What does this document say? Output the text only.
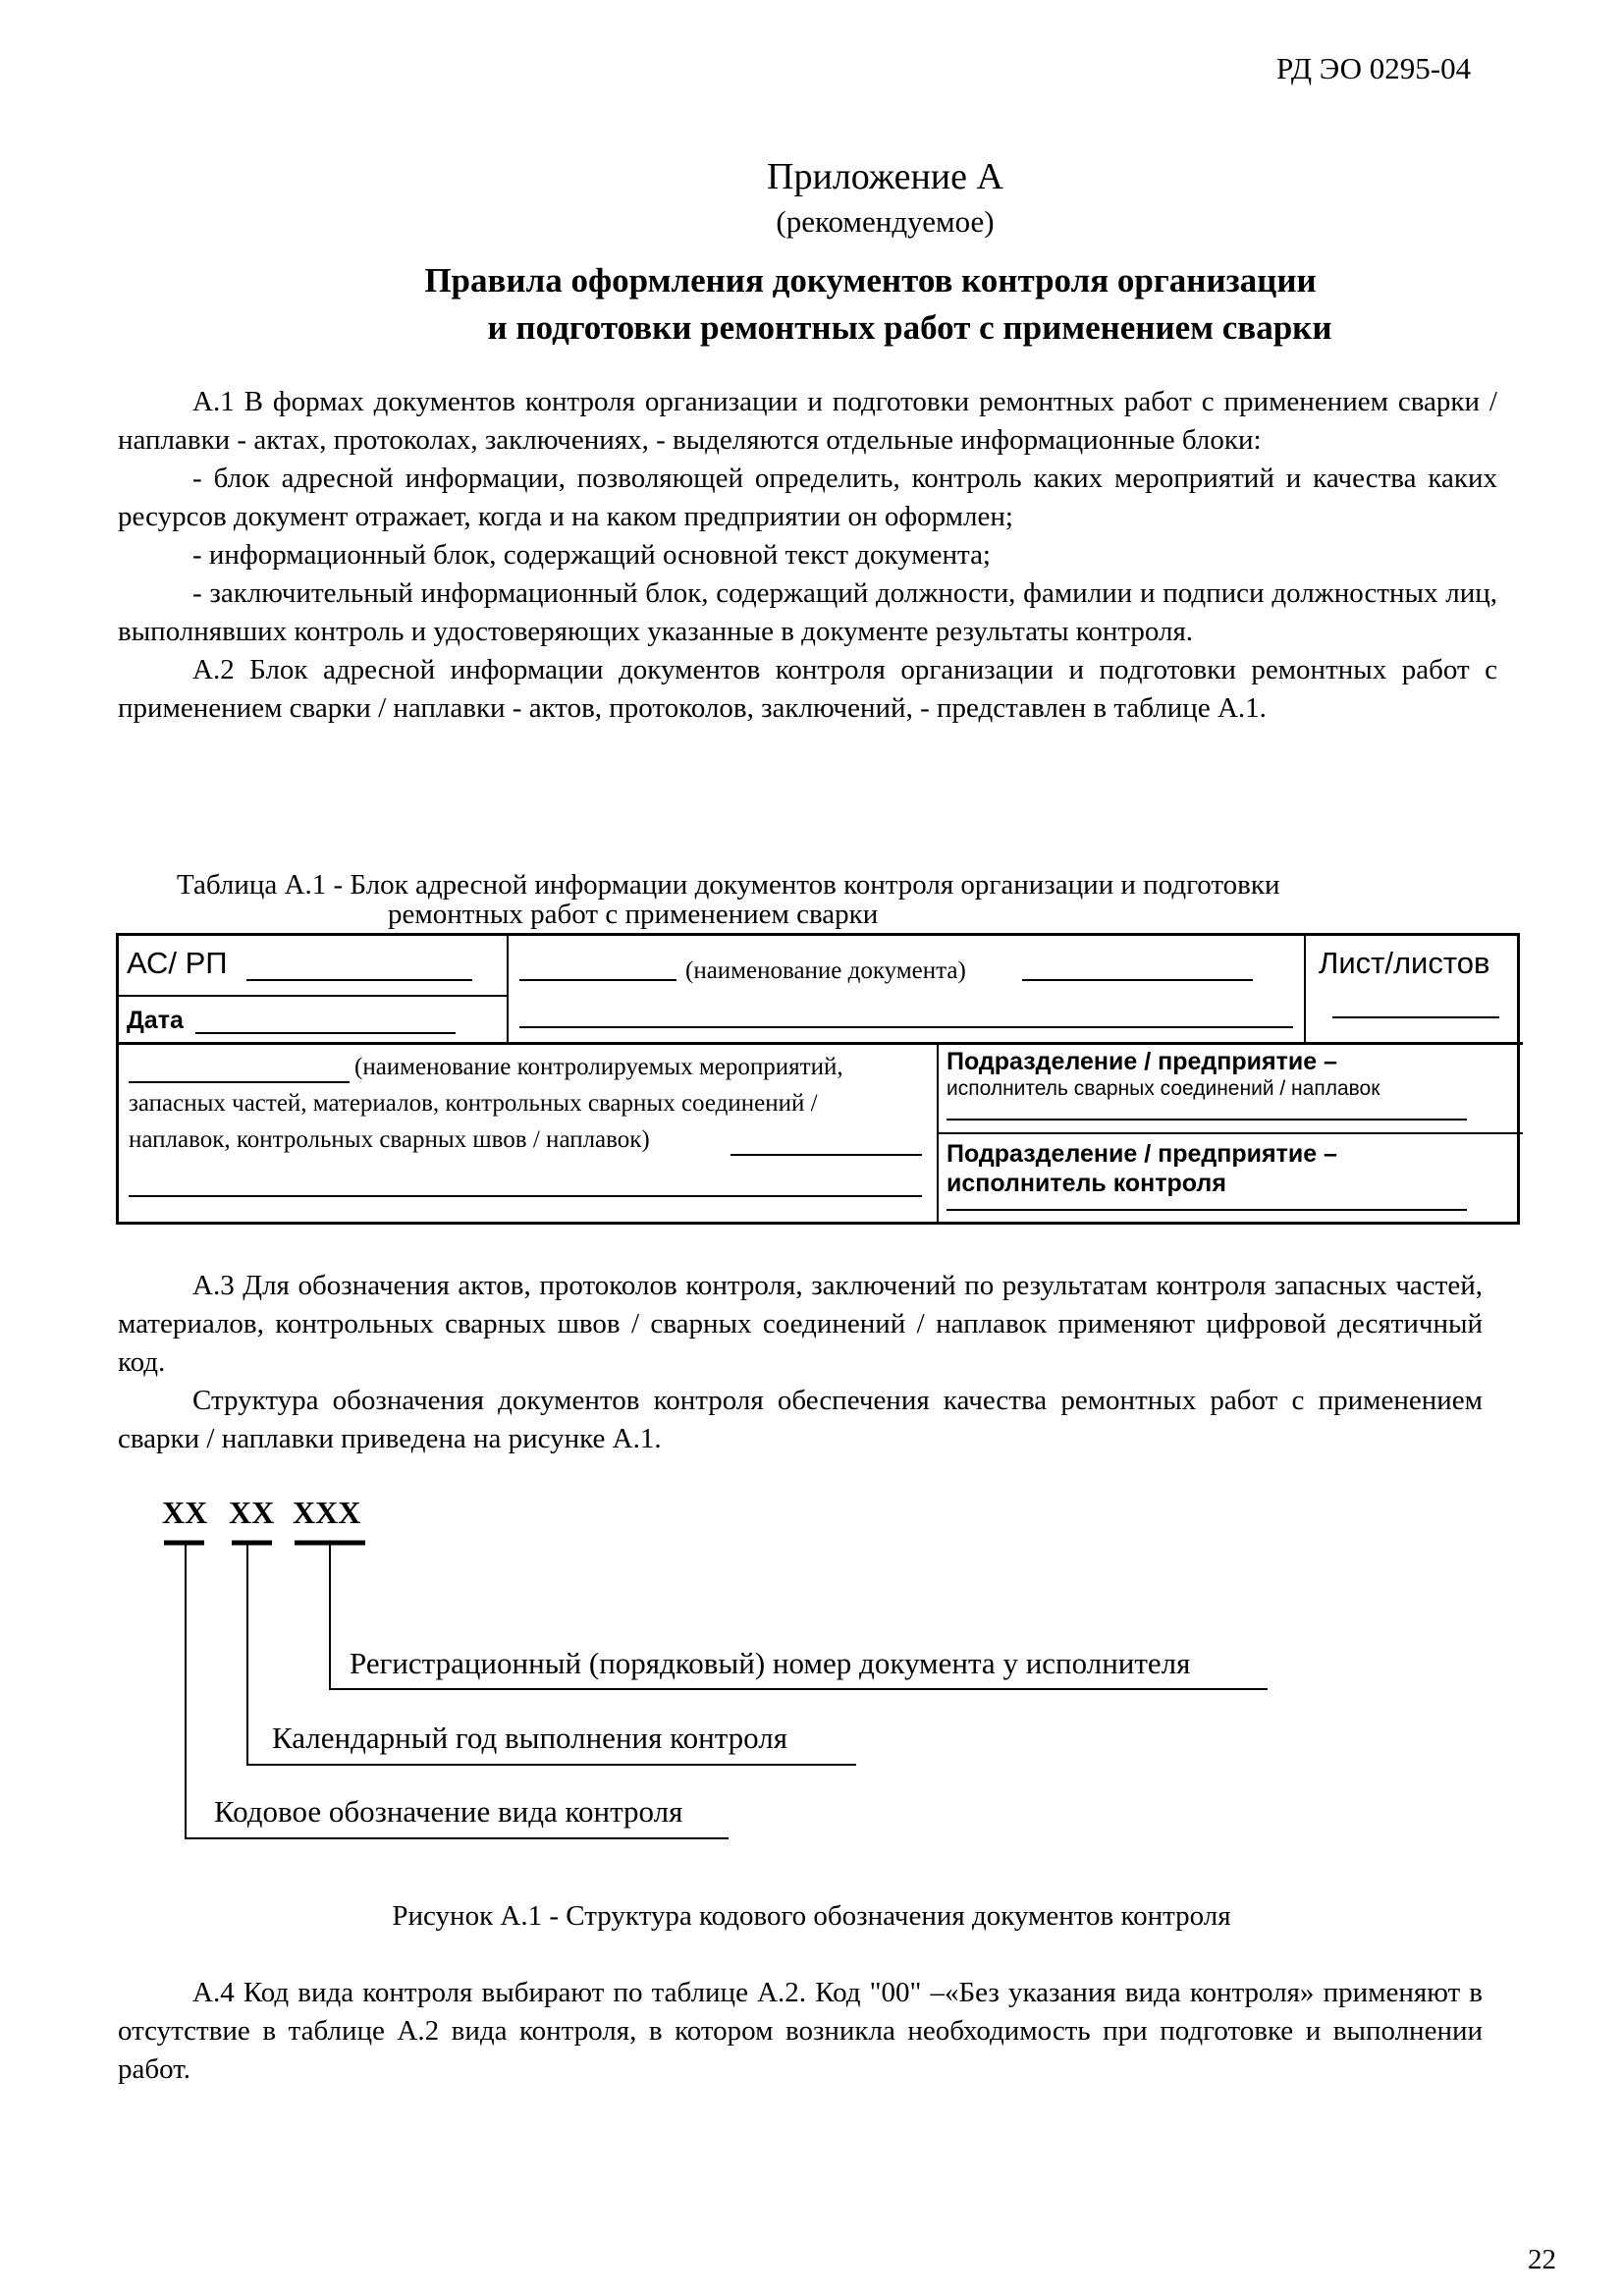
РД ЭО 0295-04
Приложение А
(рекомендуемое)
Правила оформления документов контроля организации
и подготовки ремонтных работ с применением сварки

А.1 В формах документов контроля организации и подготовки ремонтных работ с применением сварки / наплавки - актах, протоколах, заключениях, - выделяются отдельные информационные блоки:

- блок адресной информации, позволяющей определить, контроль каких мероприятий и качества каких ресурсов документ отражает, когда и на каком предприятии он оформлен;

- информационный блок, содержащий основной текст документа;

- заключительный информационный блок, содержащий должности, фамилии и подписи должностных лиц, выполнявших контроль и удостоверяющих указанные в документе результаты контроля.

А.2 Блок адресной информации документов контроля организации и подготовки ремонтных работ с применением сварки / наплавки - актов, протоколов, заключений, - представлен в таблице А.1.

Таблица А.1 - Блок адресной информации документов контроля организации и подготовки
ремонтных работ с применением сварки
АС/ РП
Дата
(наименование документа)	Лист/листов
(наименование контролируемых мероприятий,
запасных частей, материалов, контрольных сварных соединений /
наплавок, контрольных сварных швов / наплавок)
Подразделение / предприятие –
исполнитель сварных соединений / наплавок
Подразделение / предприятие –
исполнитель контроля

А.3 Для обозначения актов, протоколов контроля, заключений по результатам контроля запасных частей, материалов, контрольных сварных швов / сварных соединений / наплавок применяют цифровой десятичный код.

Структура обозначения документов контроля обеспечения качества ремонтных работ с применением сварки / наплавки приведена на рисунке А.1.

XX XX XXX
Регистрационный (порядковый) номер документа у исполнителя
Календарный год выполнения контроля
Кодовое обозначение вида контроля
Рисунок А.1 - Структура кодового обозначения документов контроля

А.4 Код вида контроля выбирают по таблице А.2. Код "00" –«Без указания вида контроля» применяют в отсутствие в таблице А.2 вида контроля, в котором возникла необходимость при подготовке и выполнении работ.

22
